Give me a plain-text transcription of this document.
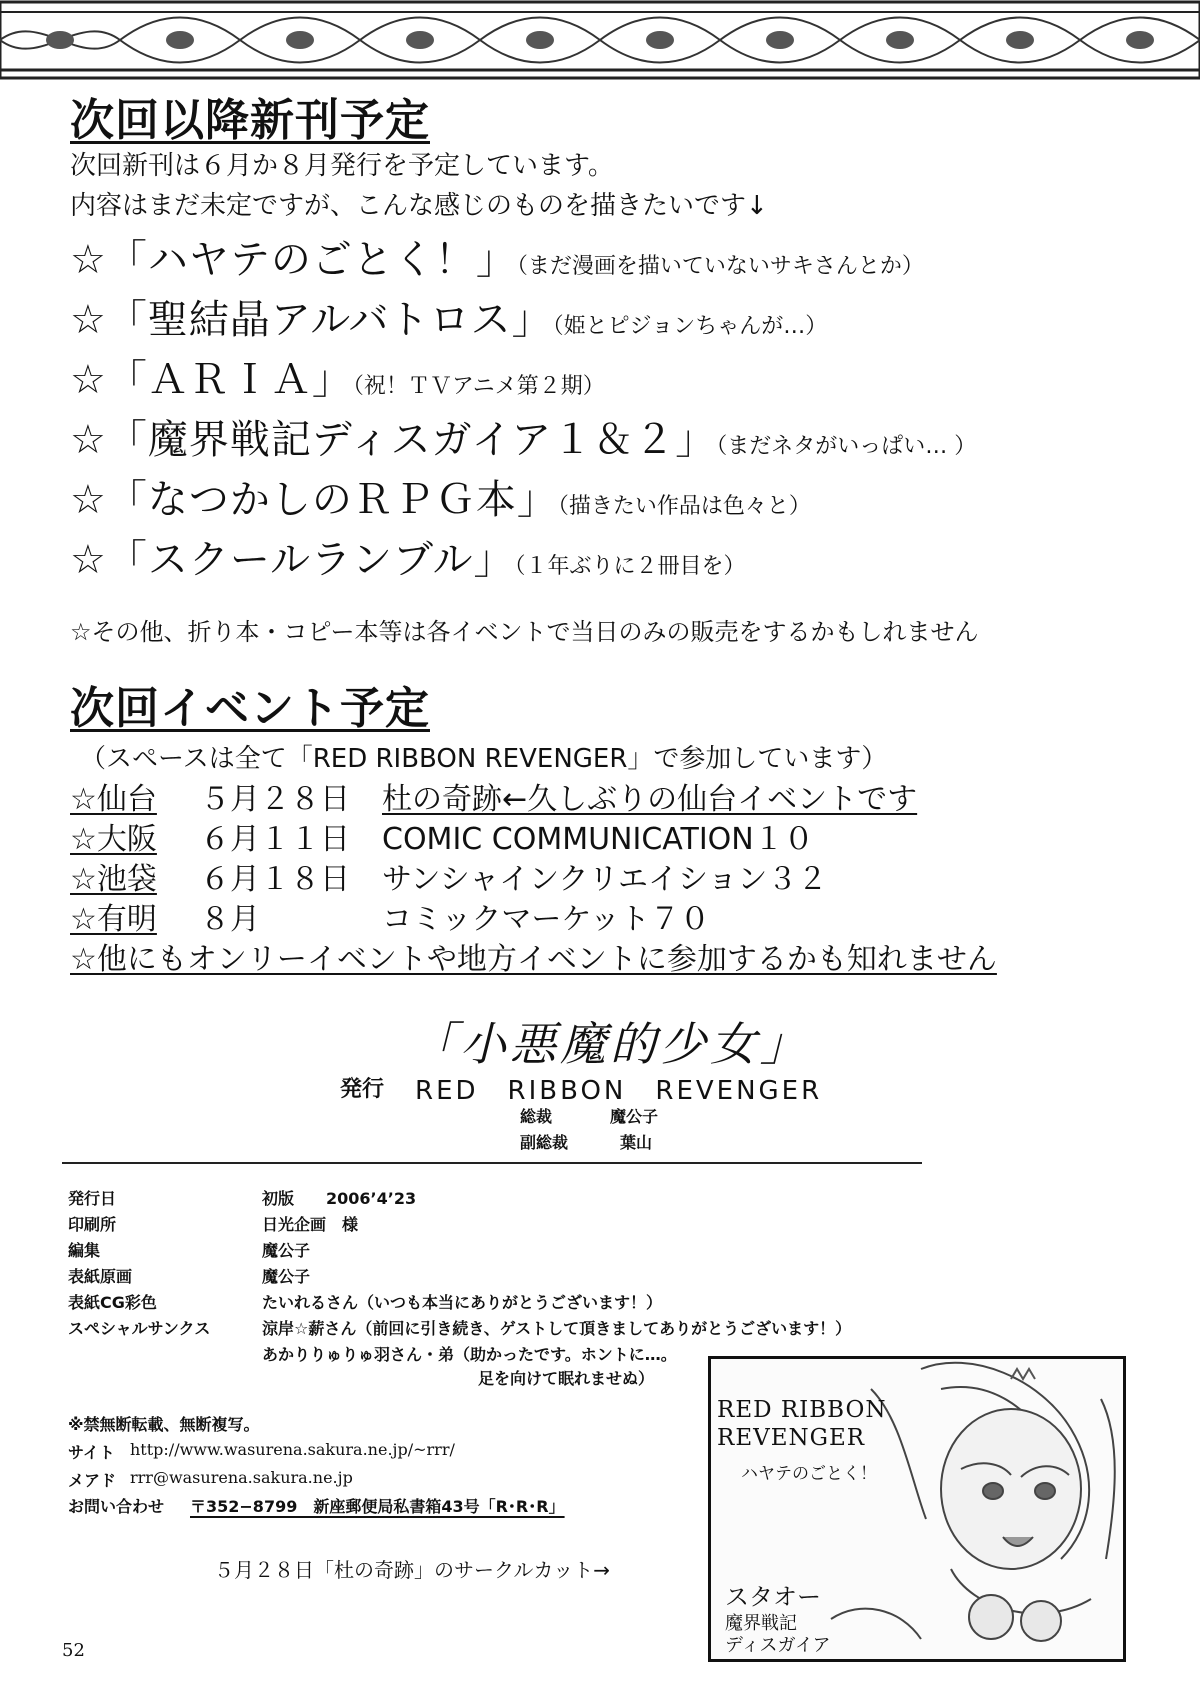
次回以降新刊予定
次回新刊は６月か８月発行を予定しています。
内容はまだ未定ですが、こんな感じのものを描きたいです↓
☆「ハヤテのごとく！」（まだ漫画を描いていないサキさんとか）
☆「聖結晶アルバトロス」（姫とピジョンちゃんが…）
☆「ＡＲＩＡ」（祝！ＴＶアニメ第２期）
☆「魔界戦記ディスガイア１＆２」（まだネタがいっぱい… ）
☆「なつかしのＲＰＧ本」（描きたい作品は色々と）
☆「スクールランブル」（１年ぶりに２冊目を）
☆その他、折り本・コピー本等は各イベントで当日のみの販売をするかもしれません
次回イベント予定
（スペースは全て「RED RIBBON REVENGER」で参加しています）
☆仙台 ５月２８日 杜の奇跡←久しぶりの仙台イベントです
☆大阪 ６月１１日 COMIC COMMUNICATION１０
☆池袋 ６月１８日 サンシャインクリエイション３２
☆有明 ８月	コミックマーケット７０
☆他にもオンリーイベントや地方イベントに参加するかも知れません
「小悪魔的少女」
発行 RED　RIBBON　REVENGER
総裁	魔公子
副総裁	葉山
発行日	初版　　2006’4’23
印刷所	日光企画　様
編集	魔公子
表紙原画	魔公子
表紙CG彩色	たいれるさん（いつも本当にありがとうございます！）
スペシャルサンクス	涼岸☆薪さん（前回に引き続き、ゲストして頂きましてありがとうございます！）
あかりりゅりゅ羽さん・弟（助かったです。ホントに…。
足を向けて眠れませぬ）
※禁無断転載、無断複写。
サイト http://www.wasurena.sakura.ne.jp/~rrr/
メアド rrr@wasurena.sakura.ne.jp
お問い合わせ 〒352−8799　新座郵便局私書箱43号「R･R･R」
５月２８日「杜の奇跡」のサークルカット→
RED RIBBON
REVENGER
ハヤテのごとく！
スタオー
魔界戦記
ディスガイア
52
